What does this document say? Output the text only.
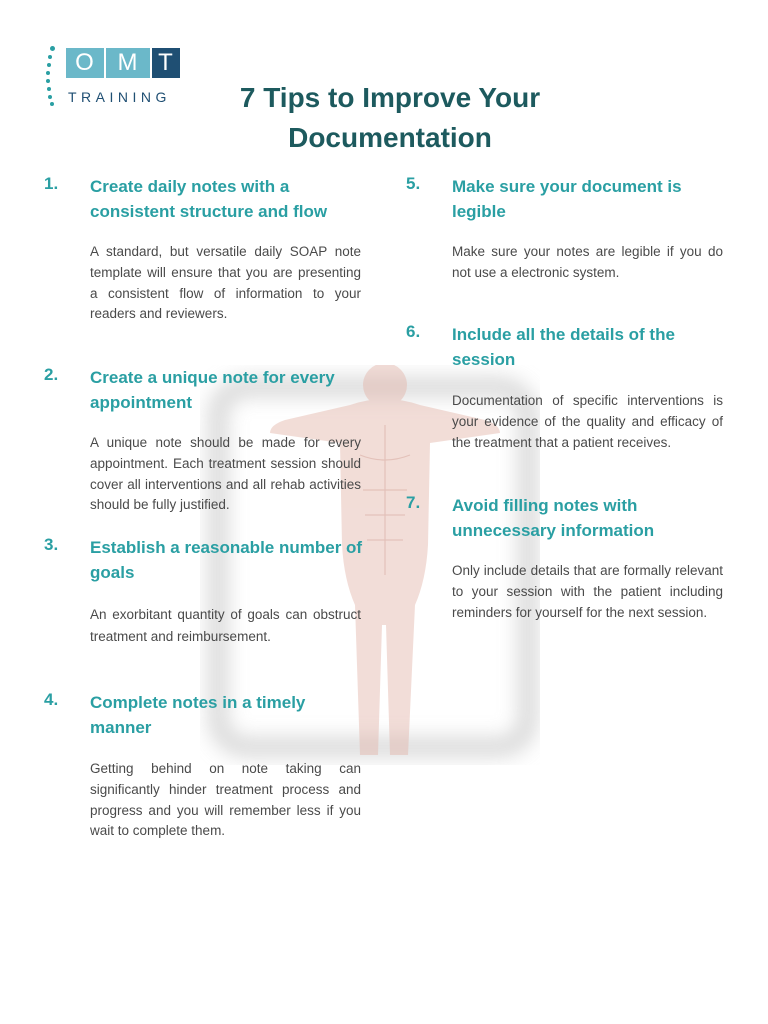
O M T
TRAINING	7 Tips to Improve Your
Documentation
1. Create daily notes with a consistent structure and flow
A standard, but versatile daily SOAP note template will ensure that you are presenting a consistent flow of information to your readers and reviewers.
2. Create a unique note for every appointment
A unique note should be made for every appointment. Each treatment session should cover all interventions and all rehab activities should be fully justified.
3. Establish a reasonable number of goals
An exorbitant quantity of goals can obstruct treatment and reimbursement.
4. Complete notes in a timely manner
Getting behind on note taking can significantly hinder treatment process and progress and you will remember less if you wait to complete them.
5. Make sure your document is legible
Make sure your notes are legible if you do not use a electronic system.
6. Include all the details of the session
Documentation of specific interventions is your evidence of the quality and efficacy of the treatment that a patient receives.
7. Avoid filling notes with unnecessary information
Only include details that are formally relevant to your session with the patient including reminders for yourself for the next session.
